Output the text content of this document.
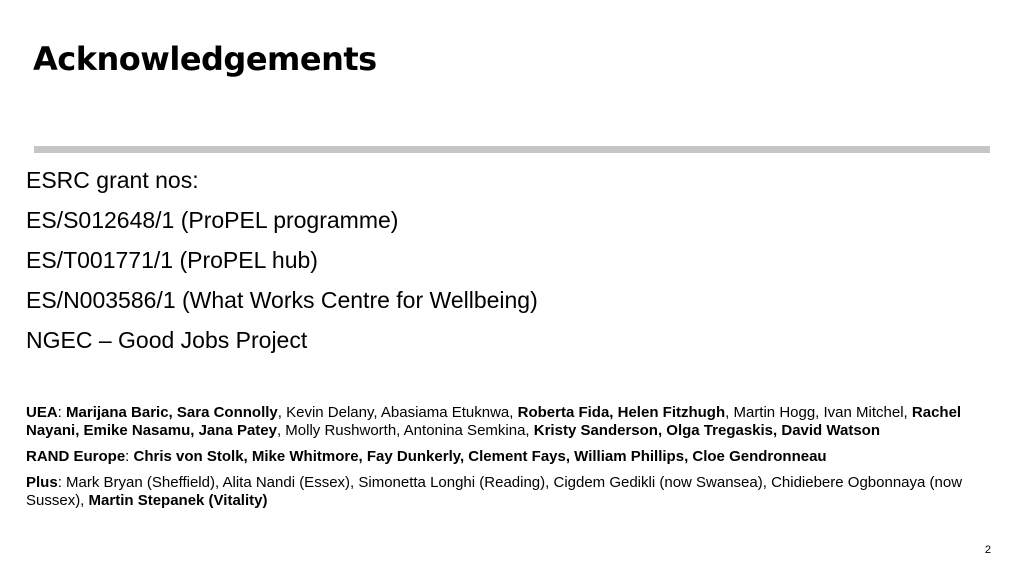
Acknowledgements
ESRC grant nos:
ES/S012648/1 (ProPEL programme)
ES/T001771/1 (ProPEL hub)
ES/N003586/1 (What Works Centre for Wellbeing)
NGEC – Good Jobs Project

UEA: Marijana Baric, Sara Connolly, Kevin Delany, Abasiama Etuknwa, Roberta Fida, Helen Fitzhugh, Martin Hogg, Ivan Mitchel, Rachel Nayani, Emike Nasamu, Jana Patey, Molly Rushworth, Antonina Semkina, Kristy Sanderson, Olga Tregaskis, David Watson

RAND Europe: Chris von Stolk, Mike Whitmore, Fay Dunkerly, Clement Fays, William Phillips, Cloe Gendronneau

Plus: Mark Bryan (Sheffield), Alita Nandi (Essex), Simonetta Longhi (Reading), Cigdem Gedikli (now Swansea), Chidiebere Ogbonnaya (now Sussex), Martin Stepanek (Vitality)

2
